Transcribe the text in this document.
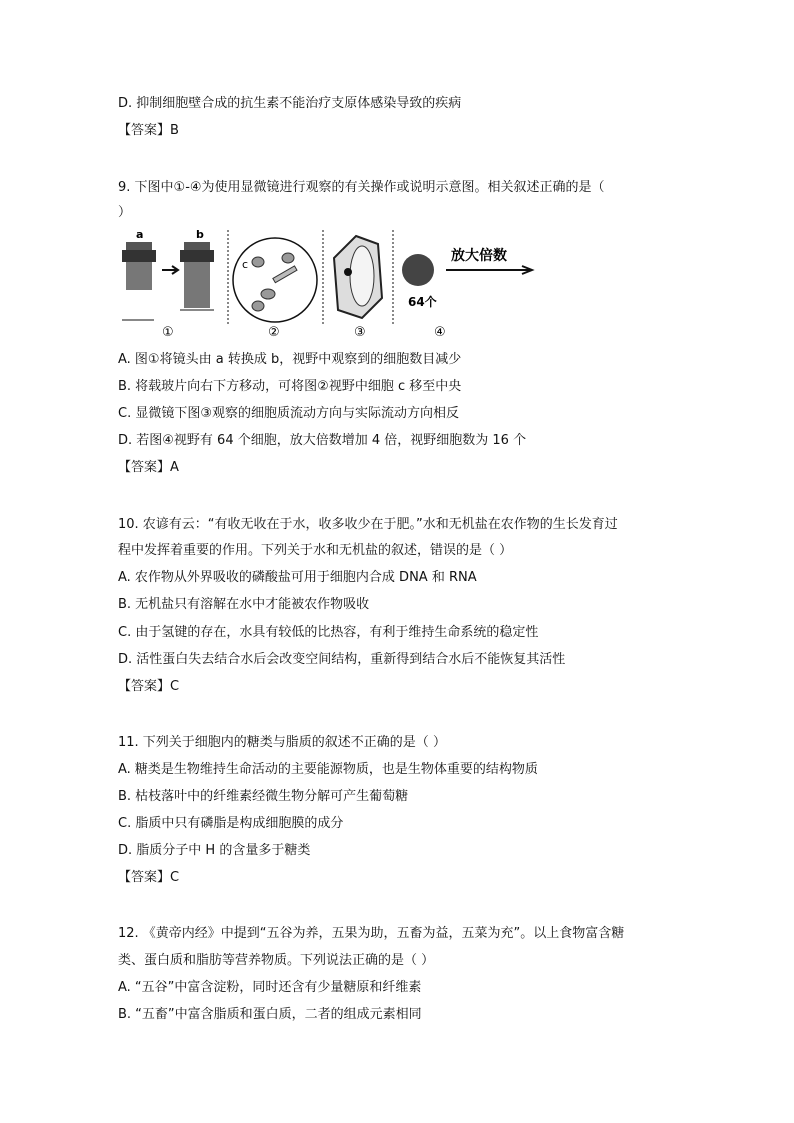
D. 抑制细胞壁合成的抗生素不能治疗支原体感染导致的疾病
【答案】B
9. 下图中①-④为使用显微镜进行观察的有关操作或说明示意图。相关叙述正确的是（
）
A. 图①将镜头由 a 转换成 b，视野中观察到的细胞数目减少
B. 将载玻片向右下方移动，可将图②视野中细胞 c 移至中央
C. 显微镜下图③观察的细胞质流动方向与实际流动方向相反
D. 若图④视野有 64 个细胞，放大倍数增加 4 倍，视野细胞数为 16 个
【答案】A
10. 农谚有云：“有收无收在于水，收多收少在于肥。”水和无机盐在农作物的生长发育过
程中发挥着重要的作用。下列关于水和无机盐的叙述，错误的是（ ）
A. 农作物从外界吸收的磷酸盐可用于细胞内合成 DNA 和 RNA
B. 无机盐只有溶解在水中才能被农作物吸收
C. 由于氢键的存在，水具有较低的比热容，有利于维持生命系统的稳定性
D. 活性蛋白失去结合水后会改变空间结构，重新得到结合水后不能恢复其活性
【答案】C
11. 下列关于细胞内的糖类与脂质的叙述不正确的是（ ）
A. 糖类是生物维持生命活动的主要能源物质，也是生物体重要的结构物质
B. 枯枝落叶中的纤维素经微生物分解可产生葡萄糖
C. 脂质中只有磷脂是构成细胞膜的成分
D. 脂质分子中 H 的含量多于糖类
【答案】C
12. 《黄帝内经》中提到“五谷为养，五果为助，五畜为益，五菜为充”。以上食物富含糖
类、蛋白质和脂肪等营养物质。下列说法正确的是（ ）
A. “五谷”中富含淀粉，同时还含有少量糖原和纤维素
B. “五畜”中富含脂质和蛋白质，二者的组成元素相同
a	b
①
c
②	③
64个
④
放大倍数
